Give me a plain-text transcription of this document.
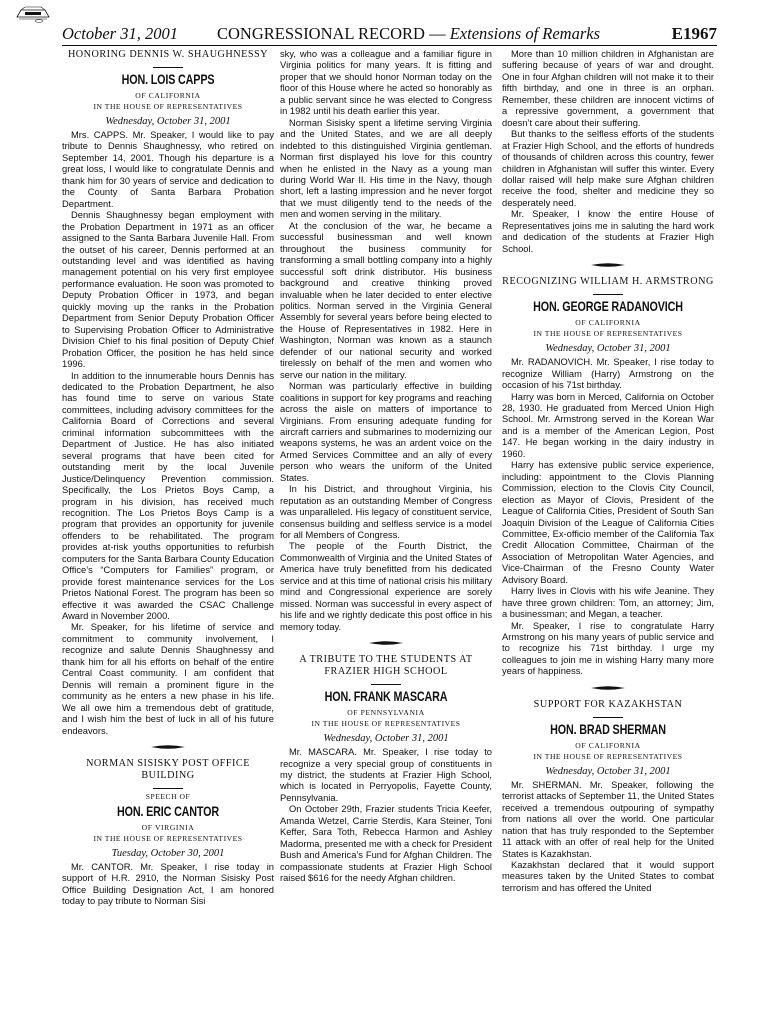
October 31, 2001 CONGRESSIONAL RECORD — Extensions of Remarks	E1967
HONORING DENNIS W. SHAUGHNESSY
HON. LOIS CAPPS
OF CALIFORNIA
IN THE HOUSE OF REPRESENTATIVES
Wednesday, October 31, 2001

Mrs. CAPPS. Mr. Speaker, I would like to pay tribute to Dennis Shaughnessy, who retired on September 14, 2001. Though his departure is a great loss, I would like to congratulate Dennis and thank him for 30 years of service and dedication to the County of Santa Barbara Probation Department.

Dennis Shaughnessy began employment with the Probation Department in 1971 as an officer assigned to the Santa Barbara Juvenile Hall. From the outset of his career, Dennis performed at an outstanding level and was identified as having management potential on his very first employee performance evaluation. He soon was promoted to Deputy Probation Officer in 1973, and began quickly moving up the ranks in the Probation Department from Senior Deputy Probation Officer to Supervising Probation Officer to Administrative Division Chief to his final position of Deputy Chief Probation Officer, the position he has held since 1996.

In addition to the innumerable hours Dennis has dedicated to the Probation Department, he also has found time to serve on various State committees, including advisory committees for the California Board of Corrections and several criminal information subcommittees with the Department of Justice. He has also initiated several programs that have been cited for outstanding merit by the local Juvenile Justice/Delinquency Prevention commission. Specifically, the Los Prietos Boys Camp, a program in his division, has received much recognition. The Los Prietos Boys Camp is a program that provides an opportunity for juvenile offenders to be rehabilitated. The program provides at-risk youths opportunities to refurbish computers for the Santa Barbara County Education Office’s “Computers for Families” program, or provide forest maintenance services for the Los Prietos National Forest. The program has been so effective it was awarded the CSAC Challenge Award in November 2000.

Mr. Speaker, for his lifetime of service and commitment to community involvement, I recognize and salute Dennis Shaughnessy and thank him for all his efforts on behalf of the entire Central Coast community. I am confident that Dennis will remain a prominent figure in the community as he enters a new phase in his life. We all owe him a tremendous debt of gratitude, and I wish him the best of luck in all of his future endeavors.

NORMAN SISISKY POST OFFICE BUILDING
SPEECH OF
HON. ERIC CANTOR
OF VIRGINIA
IN THE HOUSE OF REPRESENTATIVES
Tuesday, October 30, 2001

Mr. CANTOR. Mr. Speaker, I rise today in support of H.R. 2910, the Norman Sisisky Post Office Building Designation Act, I am honored today to pay tribute to Norman Sisi

sky, who was a colleague and a familiar figure in Virginia politics for many years. It is fitting and proper that we should honor Norman today on the floor of this House where he acted so honorably as a public servant since he was elected to Congress in 1982 until his death earlier this year.

Norman Sisisky spent a lifetime serving Virginia and the United States, and we are all deeply indebted to this distinguished Virginia gentleman. Norman first displayed his love for this country when he enlisted in the Navy as a young man during World War II. His time in the Navy, though short, left a lasting impression and he never forgot that we must diligently tend to the needs of the men and women serving in the military.

At the conclusion of the war, he became a successful businessman and well known throughout the business community for transforming a small bottling company into a highly successful soft drink distributor. His business background and creative thinking proved invaluable when he later decided to enter elective politics. Norman served in the Virginia General Assembly for several years before being elected to the House of Representatives in 1982. Here in Washington, Norman was known as a staunch defender of our national security and worked tirelessly on behalf of the men and women who serve our nation in the military.

Norman was particularly effective in building coalitions in support for key programs and reaching across the aisle on matters of importance to Virginians. From ensuring adequate funding for aircraft carriers and submarines to modernizing our weapons systems, he was an ardent voice on the Armed Services Committee and an ally of every person who wears the uniform of the United States.

In his District, and throughout Virginia, his reputation as an outstanding Member of Congress was unparalleled. His legacy of constituent service, consensus building and selfless service is a model for all Members of Congress.

The people of the Fourth District, the Commonwealth of Virginia and the United States of America have truly benefitted from his dedicated service and at this time of national crisis his military mind and Congressional experience are sorely missed. Norman was successful in every aspect of his life and we rightly dedicate this post office in his memory today.

A TRIBUTE TO THE STUDENTS AT FRAZIER HIGH SCHOOL
HON. FRANK MASCARA
OF PENNSYLVANIA
IN THE HOUSE OF REPRESENTATIVES
Wednesday, October 31, 2001

Mr. MASCARA. Mr. Speaker, I rise today to recognize a very special group of constituents in my district, the students at Frazier High School, which is located in Perryopolis, Fayette County, Pennsylvania.

On October 29th, Frazier students Tricia Keefer, Amanda Wetzel, Carrie Sterdis, Kara Steiner, Toni Keffer, Sara Toth, Rebecca Harmon and Ashley Madorma, presented me with a check for President Bush and America’s Fund for Afghan Children. The compassionate students at Frazier High School raised $616 for the needy Afghan children.

More than 10 million children in Afghanistan are suffering because of years of war and drought. One in four Afghan children will not make it to their fifth birthday, and one in three is an orphan. Remember, these children are innocent victims of a repressive government, a government that doesn’t care about their suffering.

But thanks to the selfless efforts of the students at Frazier High School, and the efforts of hundreds of thousands of children across this country, fewer children in Afghanistan will suffer this winter. Every dollar raised will help make sure Afghan children receive the food, shelter and medicine they so desperately need.

Mr. Speaker, I know the entire House of Representatives joins me in saluting the hard work and dedication of the students at Frazier High School.

RECOGNIZING WILLIAM H. ARMSTRONG
HON. GEORGE RADANOVICH
OF CALIFORNIA
IN THE HOUSE OF REPRESENTATIVES
Wednesday, October 31, 2001

Mr. RADANOVICH. Mr. Speaker, I rise today to recognize William (Harry) Armstrong on the occasion of his 71st birthday.

Harry was born in Merced, California on October 28, 1930. He graduated from Merced Union High School. Mr. Armstrong served in the Korean War and is a member of the American Legion, Post 147. He began working in the dairy industry in 1960.

Harry has extensive public service experience, including: appointment to the Clovis Planning Commission, election to the Clovis City Council, election as Mayor of Clovis, President of the League of California Cities, President of South San Joaquin Division of the League of California Cities Committee, Ex-officio member of the California Tax Credit Allocation Committee, Chairman of the Association of Metropolitan Water Agencies, and Vice-Chairman of the Fresno County Water Advisory Board.

Harry lives in Clovis with his wife Jeanine. They have three grown children: Tom, an attorney; Jim, a businessman; and Megan, a teacher.

Mr. Speaker, I rise to congratulate Harry Armstrong on his many years of public service and to recognize his 71st birthday. I urge my colleagues to join me in wishing Harry many more years of happiness.

SUPPORT FOR KAZAKHSTAN
HON. BRAD SHERMAN
OF CALIFORNIA
IN THE HOUSE OF REPRESENTATIVES
Wednesday, October 31, 2001

Mr. SHERMAN. Mr. Speaker, following the terrorist attacks of September 11, the United States received a tremendous outpouring of sympathy from nations all over the world. One particular nation that has truly responded to the September 11 attack with an offer of real help for the United States is Kazakhstan.

Kazakhstan declared that it would support measures taken by the United States to combat terrorism and has offered the United
